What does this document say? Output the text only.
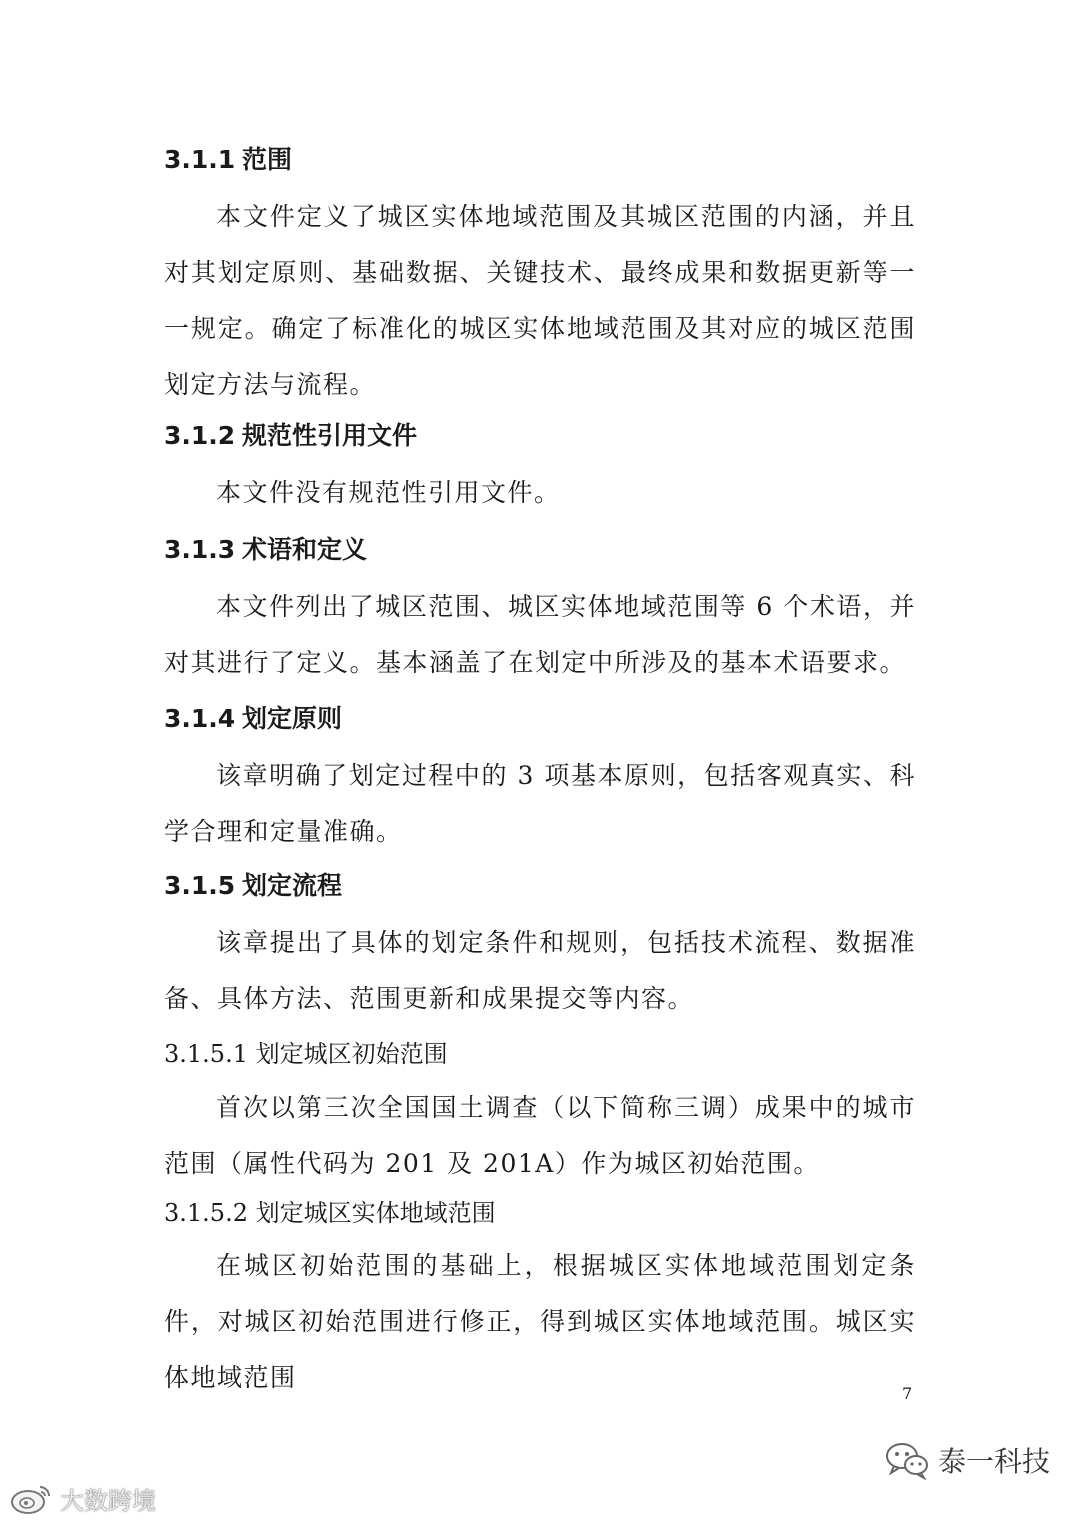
3.1.1 范围

本文件定义了城区实体地域范围及其城区范围的内涵，并且对其划定原则、基础数据、关键技术、最终成果和数据更新等一一规定。确定了标准化的城区实体地域范围及其对应的城区范围划定方法与流程。

3.1.2 规范性引用文件

本文件没有规范性引用文件。

3.1.3 术语和定义

本文件列出了城区范围、城区实体地域范围等 6 个术语，并对其进行了定义。基本涵盖了在划定中所涉及的基本术语要求。

3.1.4 划定原则

该章明确了划定过程中的 3 项基本原则，包括客观真实、科学合理和定量准确。

3.1.5 划定流程

该章提出了具体的划定条件和规则，包括技术流程、数据准备、具体方法、范围更新和成果提交等内容。

3.1.5.1 划定城区初始范围

首次以第三次全国国土调查（以下简称三调）成果中的城市范围（属性代码为 201 及 201A）作为城区初始范围。

3.1.5.2 划定城区实体地域范围

在城区初始范围的基础上，根据城区实体地域范围划定条件，对城区初始范围进行修正，得到城区实体地域范围。城区实体地域范围

7
泰一科技
大数跨境
